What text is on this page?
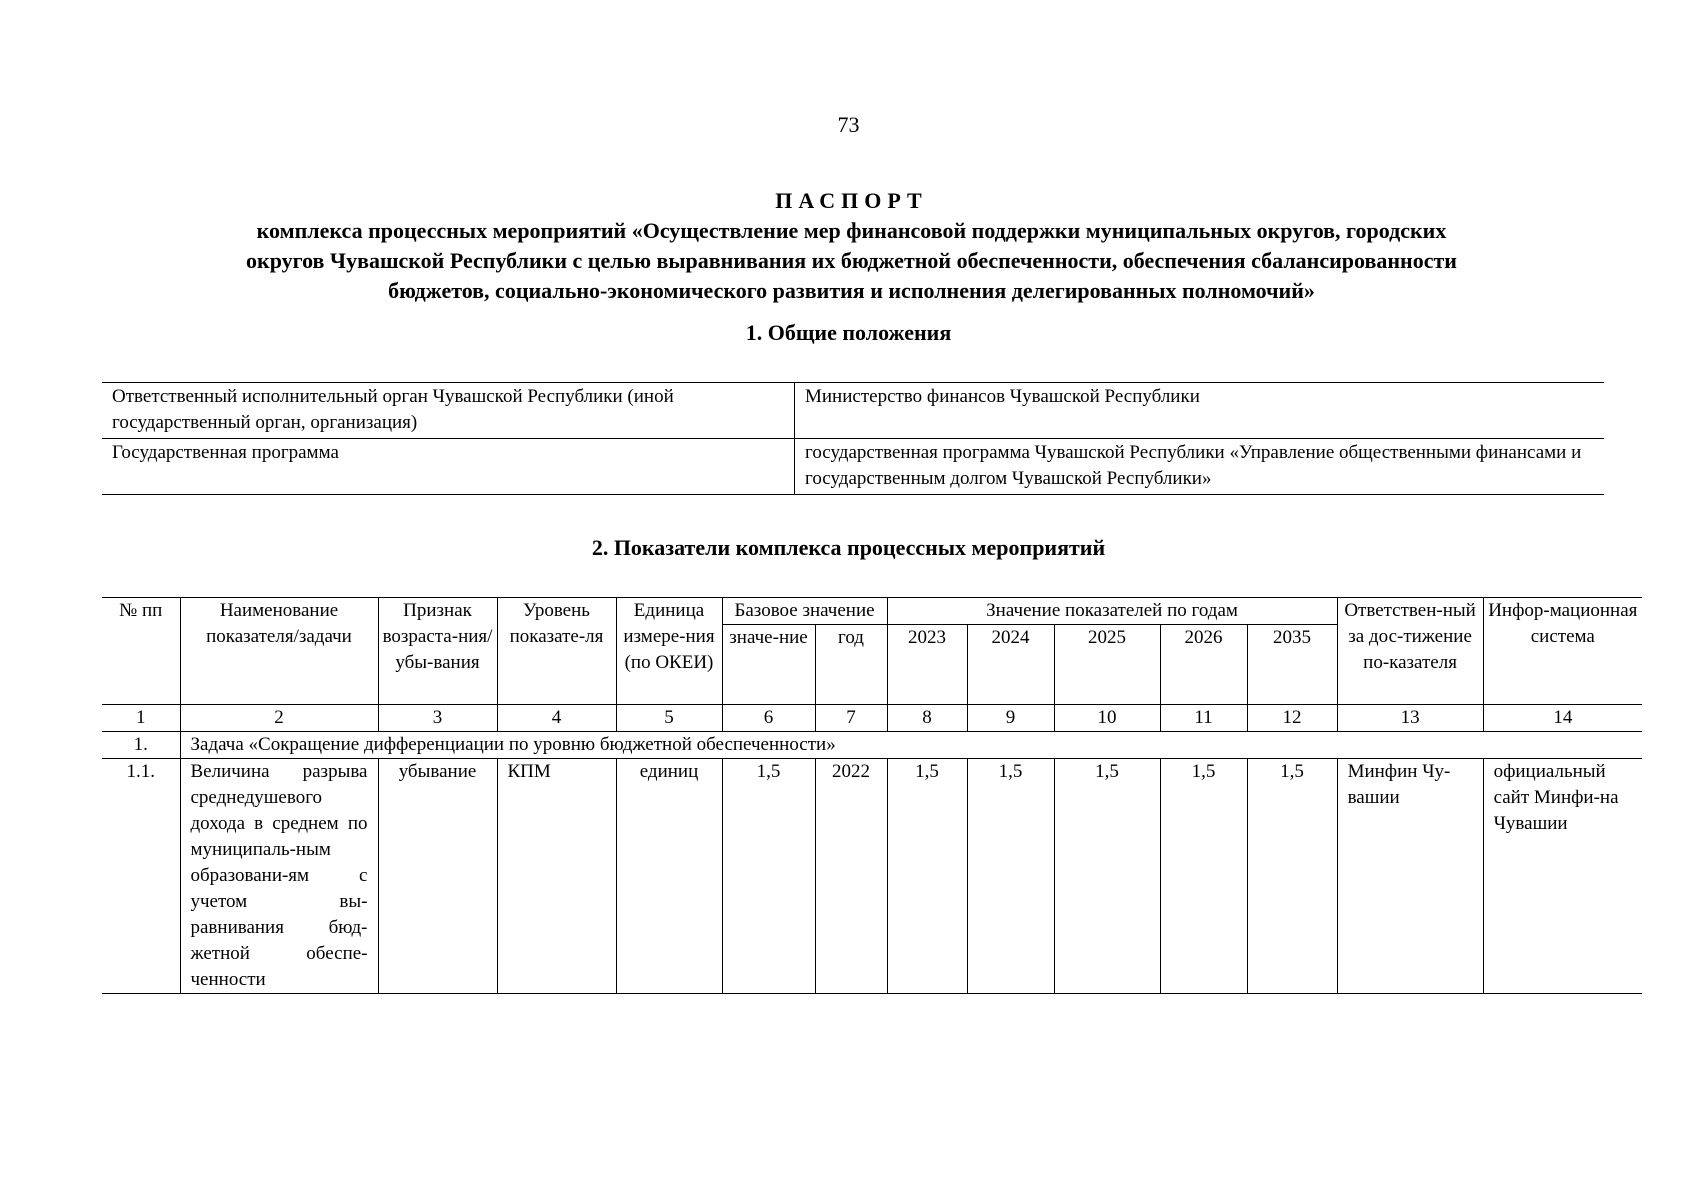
73
ПАСПОРТ
комплекса процессных мероприятий «Осуществление мер финансовой поддержки муниципальных округов, городских
округов Чувашской Республики с целью выравнивания их бюджетной обеспеченности, обеспечения сбалансированности
бюджетов, социально-экономического развития и исполнения делегированных полномочий»
1. Общие положения
Ответственный исполнительный орган Чувашской Республики (иной государственный орган, организация)	Министерство финансов Чувашской Республики
Государственная программа	государственная программа Чувашской Республики «Управление общественными финансами и государственным долгом Чувашской Республики»
2. Показатели комплекса процессных мероприятий
№ пп	Наименование показателя/задачи	Признак возраста-ния/убы-вания	Уровень показате-ля	Единица измере-ния (по ОКЕИ)	Базовое значение		Значение показателей по годам					Ответствен-ный за дос-тижение по-казателя	Инфор-мационная система
					значе-ние	год	2023	2024	2025	2026	2035		
1	2	3	4	5	6	7	8	9	10	11	12	13	14
1.	Задача «Сокращение дифференциации по уровню бюджетной обеспеченности»												
1.1.	Величина разрыва среднедушевого дохода в среднем по муниципаль-ным образовани-ям с учетом вы-равнивания бюд-жетной обеспе-ченности	убывание	КПМ	единиц	1,5	2022	1,5	1,5	1,5	1,5	1,5	Минфин Чу-вашии	официальный сайт Минфи-на Чувашии
